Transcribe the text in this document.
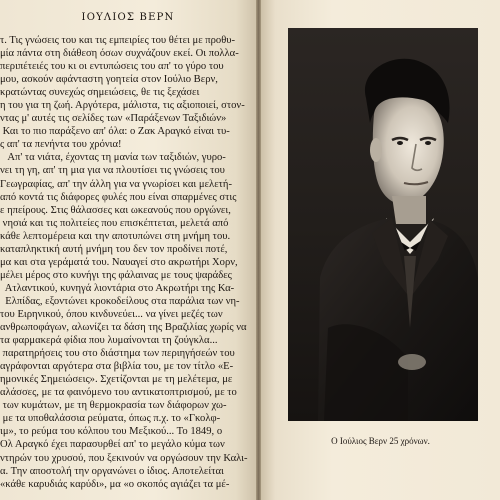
ΙΟΥΛΙΟΣ ΒΕΡΝ
τ. Τις γνώσεις του και τις εμπειρίες του θέτει με προθυ-
μία πάντα στη διάθεση όσων συχνάζουν εκεί. Οι πολλα-
περιπέτειές του κι οι εντυπώσεις του απ' το γύρο του
μου, ασκούν αφάνταστη γοητεία στον Ιούλιο Βερν,
κρατώντας συνεχώς σημειώσεις, θε τις ξεχάσει
η του για τη ζωή. Αργότερα, μάλιστα, τις αξιοποιεί, στον-
ντας μ' αυτές τις σελίδες των «Παράξενων Ταξιδιών»
Και το πιο παράξενο απ' όλα: ο Ζακ Αραγκό είναι τυ-
ς απ' τα πενήντα του χρόνια!
Απ' τα νιάτα, έχοντας τη μανία των ταξιδιών, γυρο-
νει τη γη, απ' τη μια για να πλουτίσει τις γνώσεις του
Γεωγραφίας, απ' την άλλη για να γνωρίσει και μελετή-
από κοντά τις διάφορες φυλές που είναι σπαρμένες στις
ε ηπείρους. Στις θάλασσες και ωκεανούς που οργώνει,
νησιά και τις πολιτείες που επισκέπτεται, μελετά από
κάθε λεπτομέρεια και την αποτυπώνει στη μνήμη του.
καταπληκτική αυτή μνήμη του δεν τον προδίνει ποτέ,
μα και στα γεράματά του. Ναυαγεί στο ακρωτήρι Χορν,
μέλει μέρος στο κυνήγι της φάλαινας με τους ψαράδες
Ατλαντικού, κυνηγά λιοντάρια στο Ακρωτήρι της Κα-
Ελπίδας, εξοντώνει κροκοδείλους στα παράλια των νη-
του Ειρηνικού, όπου κινδυνεύει... να γίνει μεζές των
ανθρωποφάγων, αλωνίζει τα δάση της Βραζιλίας χωρίς να
τα φαρμακερά φίδια που λυμαίνονται τη ζούγκλα...
παρατηρήσεις του στο διάστημα των περιηγήσεών του
αγράφονται αργότερα στα βιβλία του, με τον τίτλο «Ε-
ημονικές Σημειώσεις». Σχετίζονται με τη μελέτεμα, με
αλάσσες, με τα φαινόμενο του αντικατοπτρισμού, με το
των κυμάτων, με τη θερμοκρασία των διάφορων χω-
με τα υποθαλάσσια ρεύματα, όπως π.χ. το «Γκολφ-
ιμ», το ρεύμα του κόλπου του Μεξικού... Το 1849, ο
Ολ Αραγκό έχει παρασυρθεί απ' το μεγάλο κύμα των
ντηρών του χρυσού, που ξεκινούν να οργώσουν την Καλι-
α. Την αποστολή την οργανώνει ο ίδιος. Αποτελείται
«κάθε καρυδιάς καρύδι», μα «ο σκοπός αγιάζει τα μέ-

Ο Ιούλιος Βερν 25 χρόνων.
